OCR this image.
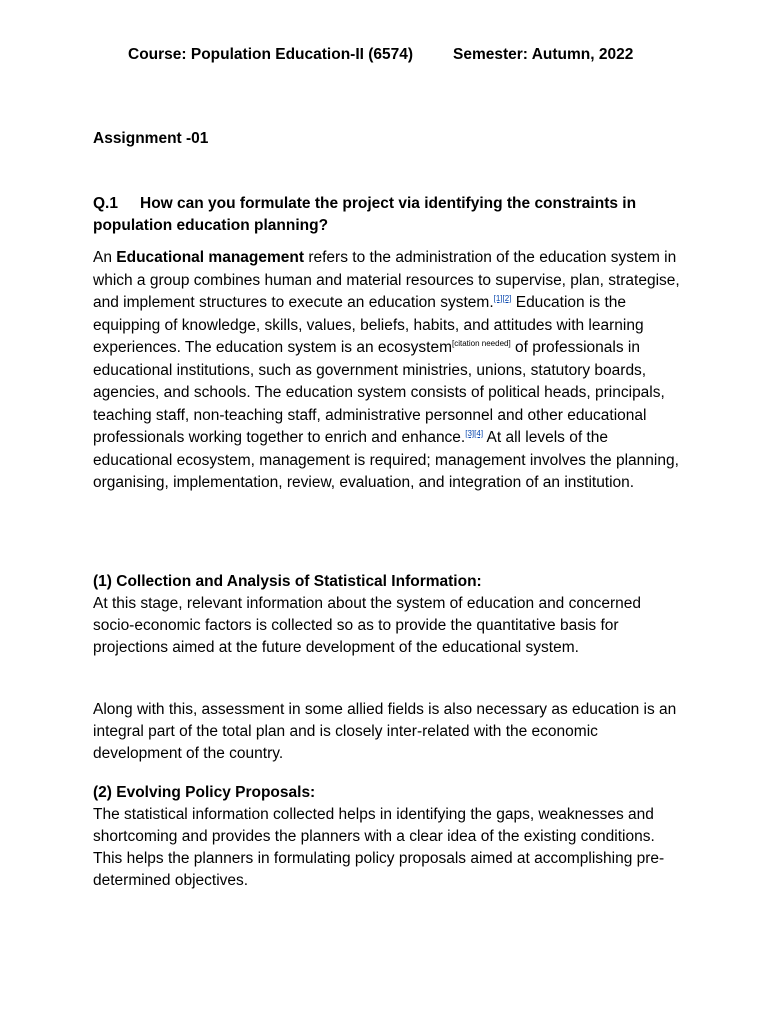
Course: Population Education-II (6574)	Semester: Autumn, 2022
Assignment -01
Q.1 How can you formulate the project via identifying the constraints in population education planning?

An Educational management refers to the administration of the education system in which a group combines human and material resources to supervise, plan, strategise, and implement structures to execute an education system.[1][2] Education is the equipping of knowledge, skills, values, beliefs, habits, and attitudes with learning experiences. The education system is an ecosystem[citation needed] of professionals in educational institutions, such as government ministries, unions, statutory boards, agencies, and schools. The education system consists of political heads, principals, teaching staff, non-teaching staff, administrative personnel and other educational professionals working together to enrich and enhance.[3][4] At all levels of the educational ecosystem, management is required; management involves the planning, organising, implementation, review, evaluation, and integration of an institution.

(1) Collection and Analysis of Statistical Information:

At this stage, relevant information about the system of education and concerned socio-economic factors is collected so as to provide the quantitative basis for projections aimed at the future development of the educational system.

Along with this, assessment in some allied fields is also necessary as education is an integral part of the total plan and is closely inter-related with the economic development of the country.

(2) Evolving Policy Proposals:

The statistical information collected helps in identifying the gaps, weaknesses and shortcoming and provides the planners with a clear idea of the existing conditions. This helps the planners in formulating policy proposals aimed at accomplishing pre-determined objectives.
